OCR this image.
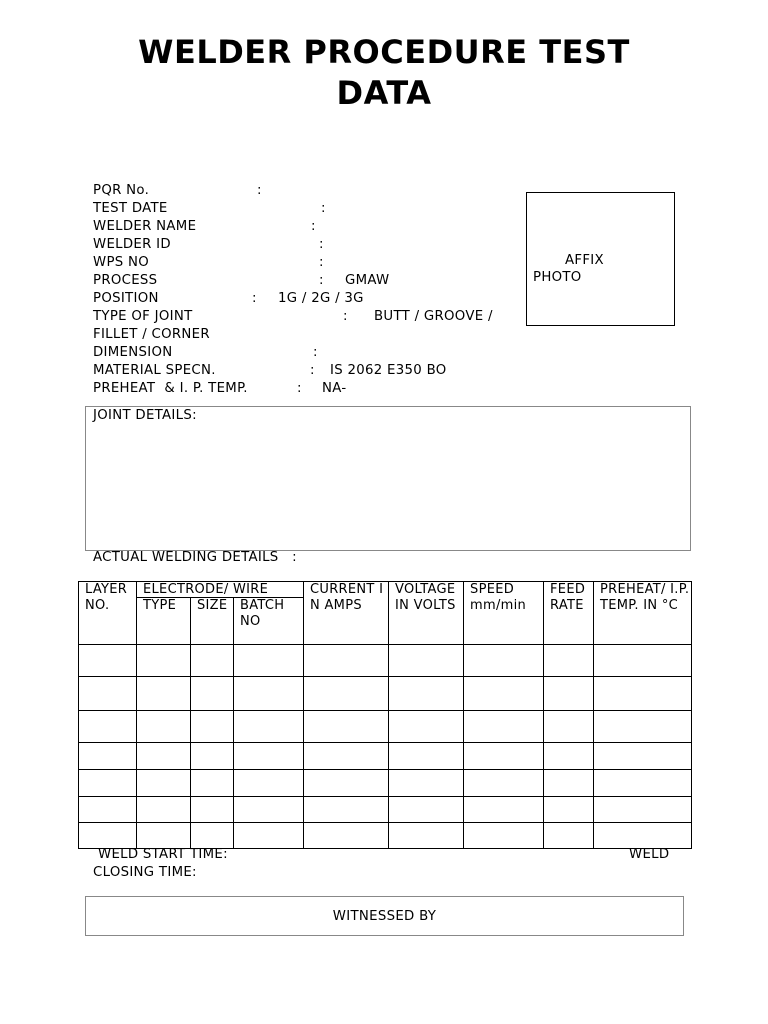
WELDER PROCEDURE TEST
DATA
PQR No.	:
TEST DATE	:
WELDER NAME	:
WELDER ID	:
WPS NO	:
PROCESS	: GMAW
POSITION	: 1G / 2G / 3G
TYPE OF JOINT	: BUTT / GROOVE /
FILLET / CORNER
DIMENSION	:
MATERIAL SPECN.	: IS 2062 E350 BO
PREHEAT  & I. P. TEMP.	: NA-
AFFIX
PHOTO
JOINT DETAILS:
ACTUAL WELDING DETAILS   :
LAYER NO.	ELECTRODE/ WIRE			CURRENT IN AMPS	VOLTAGE IN VOLTS	SPEED mm/min	FEED RATE	PREHEAT/ I.P. TEMP. IN °C
	TYPE	SIZE	BATCH NO					

WELD START TIME:	WELD
CLOSING TIME:
WITNESSED BY
